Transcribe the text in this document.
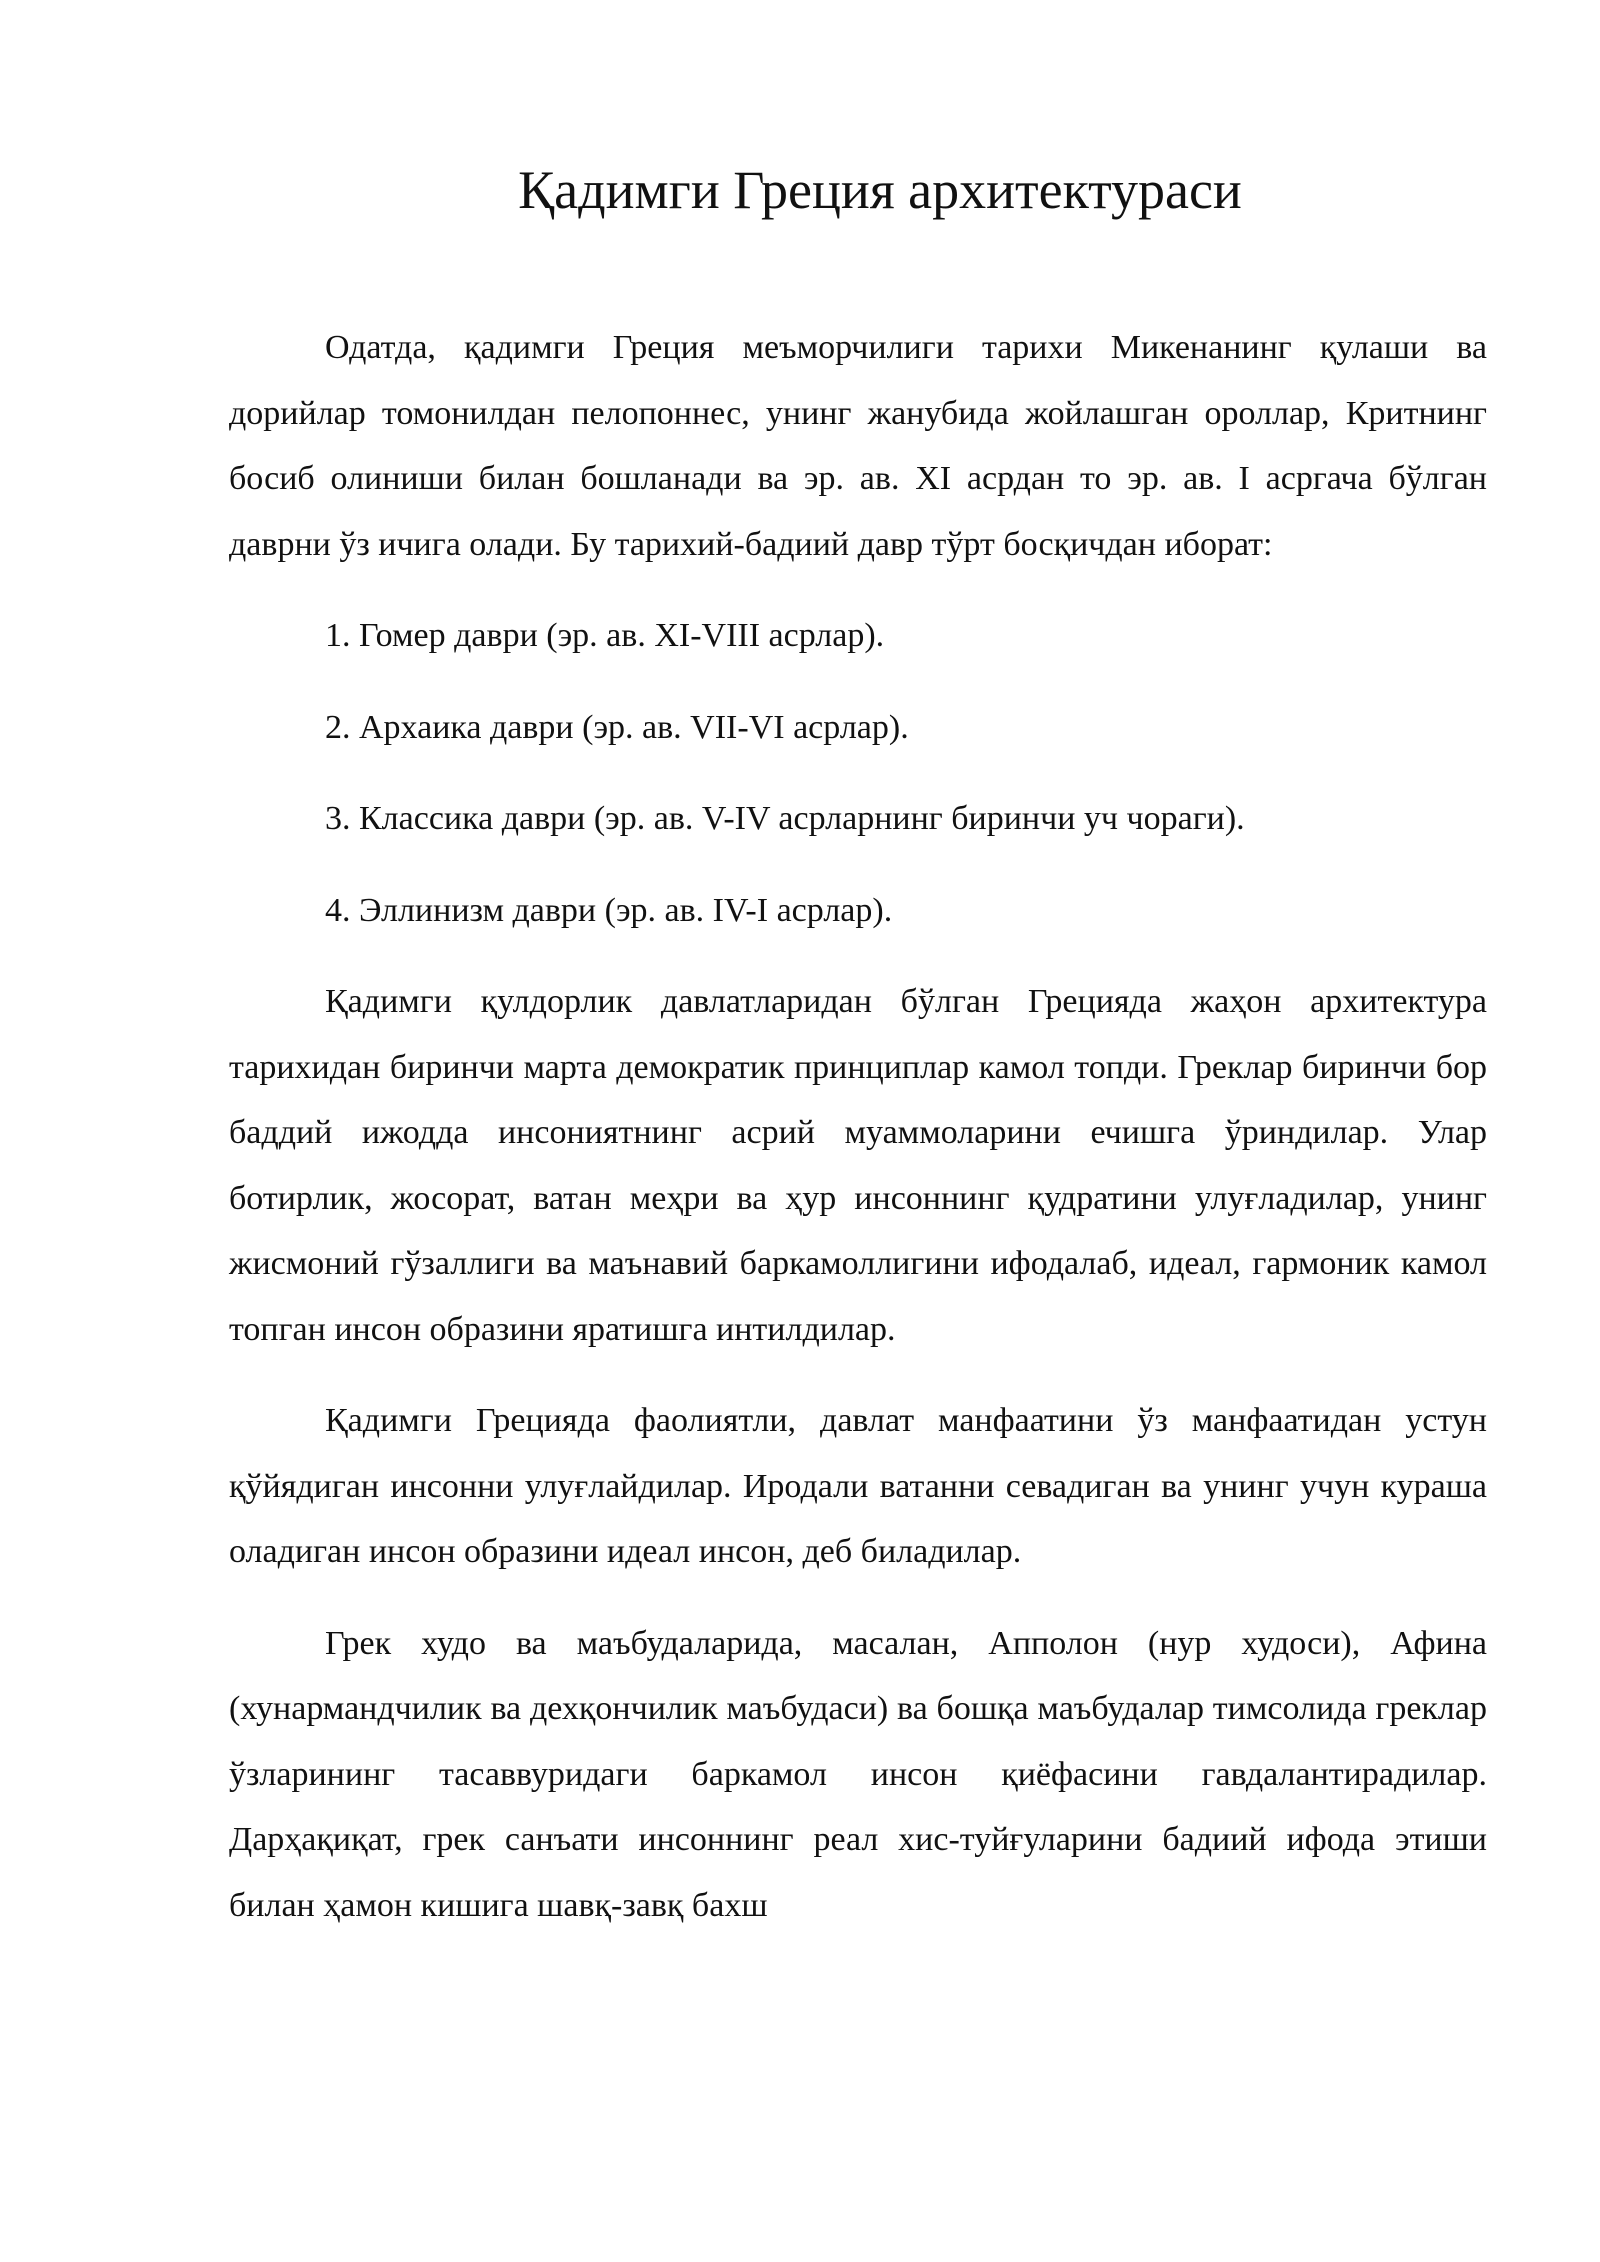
Қадимги Греция архитектураси

Одатда, қадимги Греция меъморчилиги тарихи Микенанинг қулаши ва дорийлар томонилдан пелопоннес, унинг жанубида жойлашган ороллар, Критнинг босиб олиниши билан бошланади ва эр. ав. XI асрдан то эр. ав. I асргача бўлган даврни ўз ичига олади. Бу тарихий-бадиий давр тўрт босқичдан иборат:

1. Гомер даври (эр. ав. XI-VIII асрлар).
2. Архаика даври (эр. ав. VII-VI асрлар).
3. Классика даври (эр. ав. V-IV асрларнинг биринчи уч чораги).
4. Эллинизм даври (эр. ав. IV-I асрлар).

Қадимги қулдорлик давлатларидан бўлган Грецияда жаҳон архитектура тарихидан биринчи марта демократик принциплар камол топди. Греклар биринчи бор баддий ижодда инсониятнинг асрий муаммоларини ечишга ўриндилар. Улар ботирлик, жосорат, ватан меҳри ва ҳур инсоннинг қудратини улуғладилар, унинг жисмоний гўзаллиги ва маънавий баркамоллигини ифодалаб, идеал, гармоник камол топган инсон образини яратишга интилдилар.

Қадимги Грецияда фаолиятли, давлат манфаатини ўз манфаатидан устун қўйядиган инсонни улуғлайдилар. Иродали ватанни севадиган ва унинг учун кураша оладиган инсон образини идеал инсон, деб биладилар.

Грек худо ва маъбудаларида, масалан, Апполон (нур худоси), Афина (хунармандчилик ва дехқончилик маъбудаси) ва бошқа маъбудалар тимсолида греклар ўзларининг тасаввуридаги баркамол инсон қиёфасини гавдалантирадилар. Дарҳақиқат, грек санъати инсоннинг реал хис-туйғуларини бадиий ифода этиши билан ҳамон кишига шавқ-завқ бахш
